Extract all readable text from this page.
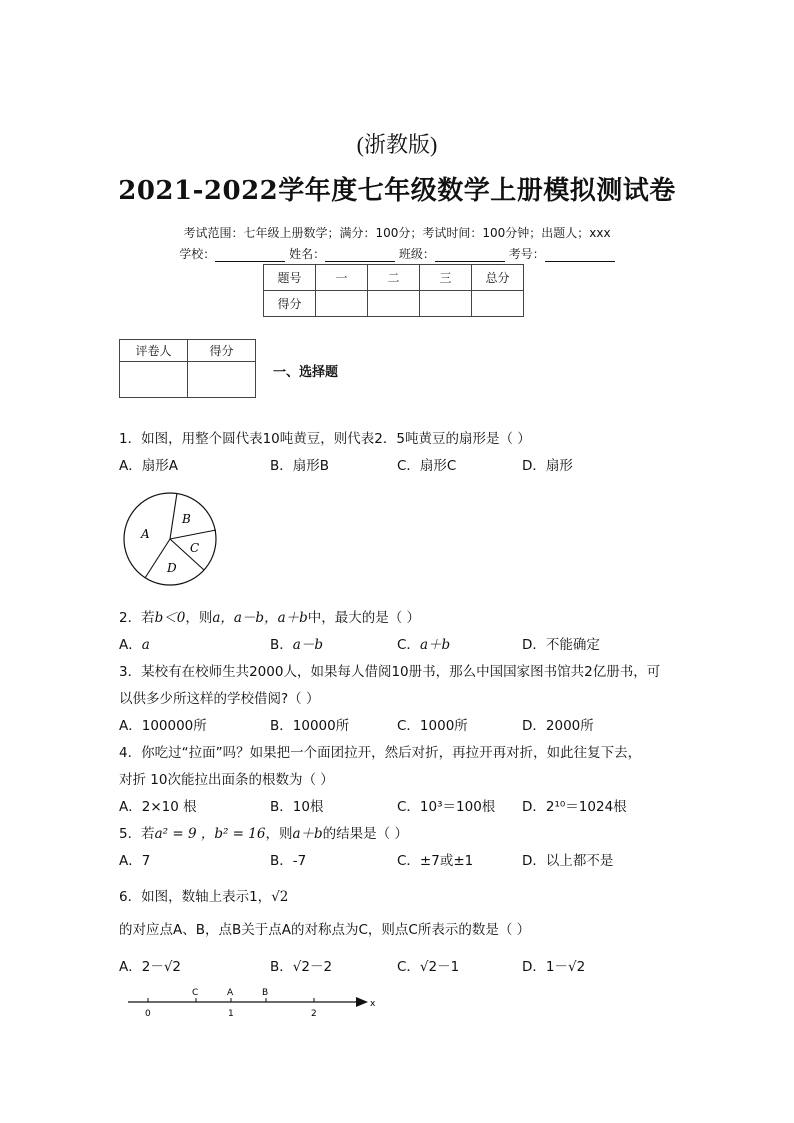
(浙教版)
2021-2022学年度七年级数学上册模拟测试卷
考试范围：七年级上册数学；满分：100分；考试时间：100分钟；出题人；xxx
学校：	姓名：	班级：	考号：
题号	一	二	三	总分
得分				
评卷人	得分

一、选择题
1．如图，用整个圆代表10吨黄豆，则代表2．5吨黄豆的扇形是（ ）
A．扇形A	B．扇形B	C．扇形C	D．扇形
A
B
C
D
2．若b＜0，则a，a－b，a＋b中，最大的是（ ）
A．a	B．a－b	C．a＋b	D．不能确定
3．某校有在校师生共2000人，如果每人借阅10册书，那么中国国家图书馆共2亿册书，可
以供多少所这样的学校借阅?（ ）
A．100000所	B．10000所	C．1000所	D．2000所
4．你吃过“拉面”吗？如果把一个面团拉开，然后对折，再拉开再对折，如此往复下去，
对折 10次能拉出面条的根数为（ ）
A．2×10 根	B．10根	C．10³＝100根 D．2¹⁰＝1024根
5．若a² = 9 ，b² = 16，则a＋b的结果是（ ）
A．7	B．-7	C．±7或±1	D．以上都不是
6．如图，数轴上表示1，√2
的对应点A、B，点B关于点A的对称点为C，则点C所表示的数是（ ）
A．2－√2	B．√2－2	C．√2－1	D．1－√2
C	A	B
0	1	2
x
